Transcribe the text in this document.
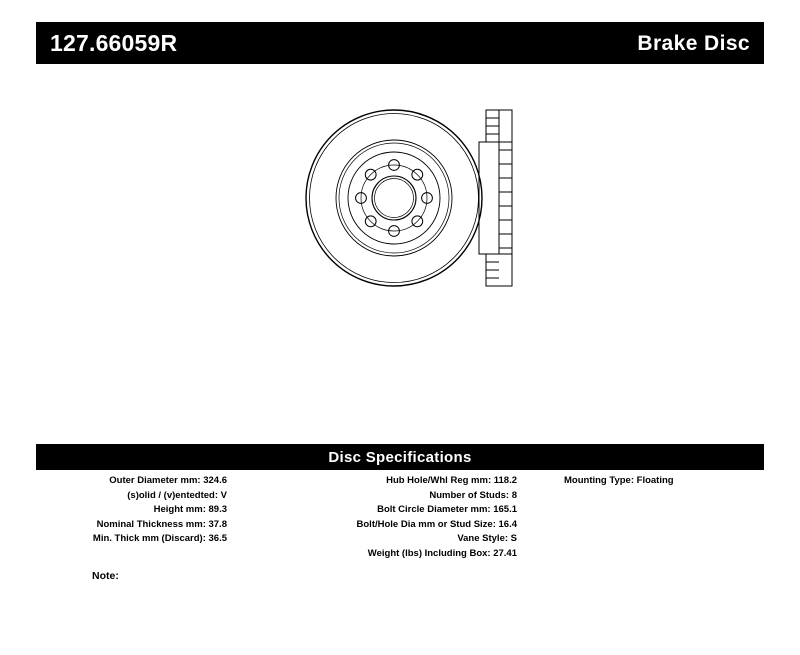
127.66059R	Brake Disc
Disc Specifications
Outer Diameter mm: 324.6
(s)olid / (v)entedted: V
Height mm: 89.3
Nominal Thickness mm: 37.8
Min. Thick mm (Discard): 36.5
Hub Hole/Whl Reg mm: 118.2
Number of Studs: 8
Bolt Circle Diameter mm: 165.1
Bolt/Hole Dia mm or Stud Size: 16.4
Vane Style: S
Weight (lbs) Including Box: 27.41
Mounting Type: Floating
Note:
